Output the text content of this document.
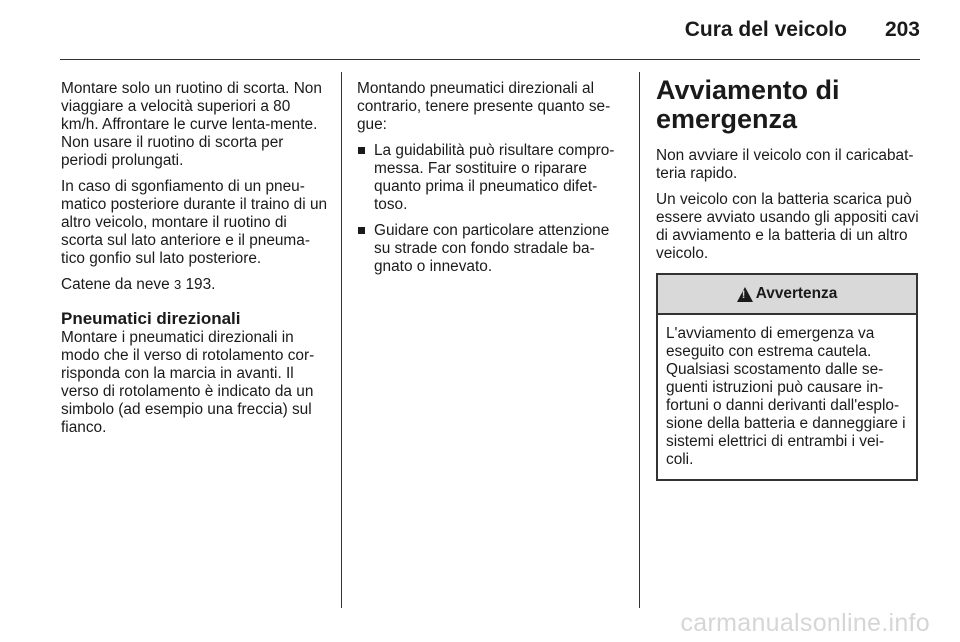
Cura del veicolo 203

Montare solo un ruotino di scorta. Non viaggiare a velocità superiori a 80 km/h. Affrontare le curve lenta-mente. Non usare il ruotino di scorta per periodi prolungati.

In caso di sgonfiamento di un pneu-matico posteriore durante il traino di un altro veicolo, montare il ruotino di scorta sul lato anteriore e il pneuma-tico gonfio sul lato posteriore.

Catene da neve 3 193.

Pneumatici direzionali

Montare i pneumatici direzionali in modo che il verso di rotolamento cor-risponda con la marcia in avanti. Il verso di rotolamento è indicato da un simbolo (ad esempio una freccia) sul fianco.

Montando pneumatici direzionali al contrario, tenere presente quanto se-gue:

La guidabilità può risultare compro-messa. Far sostituire o riparare quanto prima il pneumatico difet-toso.
Guidare con particolare attenzione su strade con fondo stradale ba-gnato o innevato.
Avviamento di emergenza

Non avviare il veicolo con il caricabat-teria rapido.

Un veicolo con la batteria scarica può essere avviato usando gli appositi cavi di avviamento e la batteria di un altro veicolo.

!
Avvertenza
L'avviamento di emergenza va eseguito con estrema cautela. Qualsiasi scostamento dalle se-guenti istruzioni può causare in-fortuni o danni derivanti dall'esplo-sione della batteria e danneggiare i sistemi elettrici di entrambi i vei-coli.
carmanualsonline.info
